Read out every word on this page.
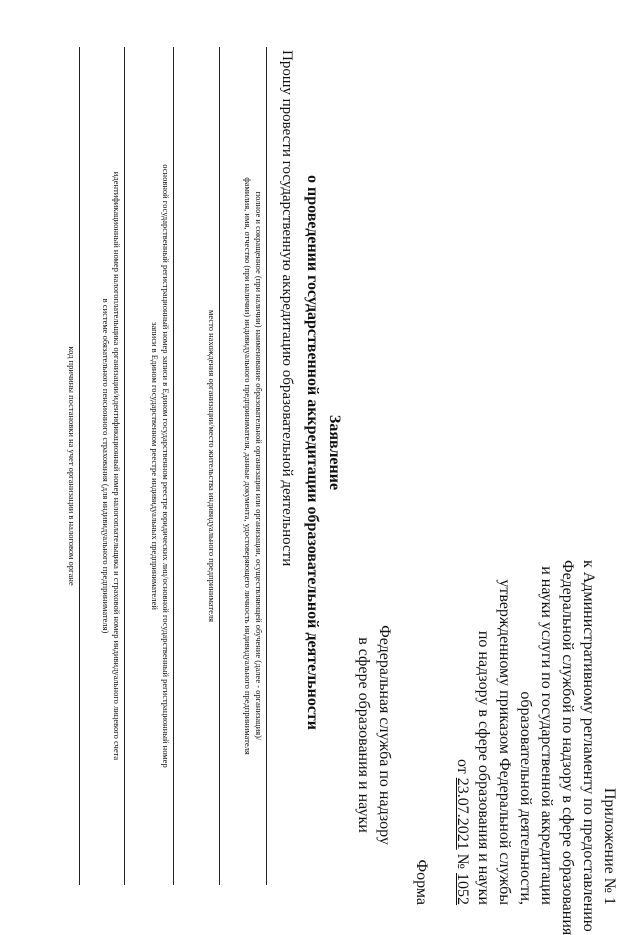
Приложение № 1
к Административному регламенту по предоставлению
Федеральной службой по надзору в сфере образования
и науки услуги по государственной аккредитации
образовательной деятельности,
утвержденному приказом Федеральной службы
по надзору в сфере образования и науки
от 23.07.2021 № 1052
Форма
Федеральная служба по надзору
в сфере образования и науки
Заявление
о проведении государственной аккредитации образовательной деятельности
Прошу провести государственную аккредитацию образовательной деятельности
полное и сокращенное (при наличии) наименование образовательной организации или организации, осуществляющей обучение (далее - организация)/
фамилия, имя, отчество (при наличии) индивидуального предпринимателя, данные документа, удостоверяющего личность индивидуального предпринимателя
место нахождения организации/место жительства индивидуального предпринимателя
основной государственный регистрационный номер записи в Едином государственном реестре юридических лиц/основной государственный регистрационный номер
записи в Едином государственном реестре индивидуальных предпринимателей
идентификационный номер налогоплательщика организации/идентификационный номер налогоплательщика и страховой номер индивидуального лицевого счета
в системе обязательного пенсионного страхования (для индивидуального предпринимателя)
код причины постановки на учет организации в налоговом органе
